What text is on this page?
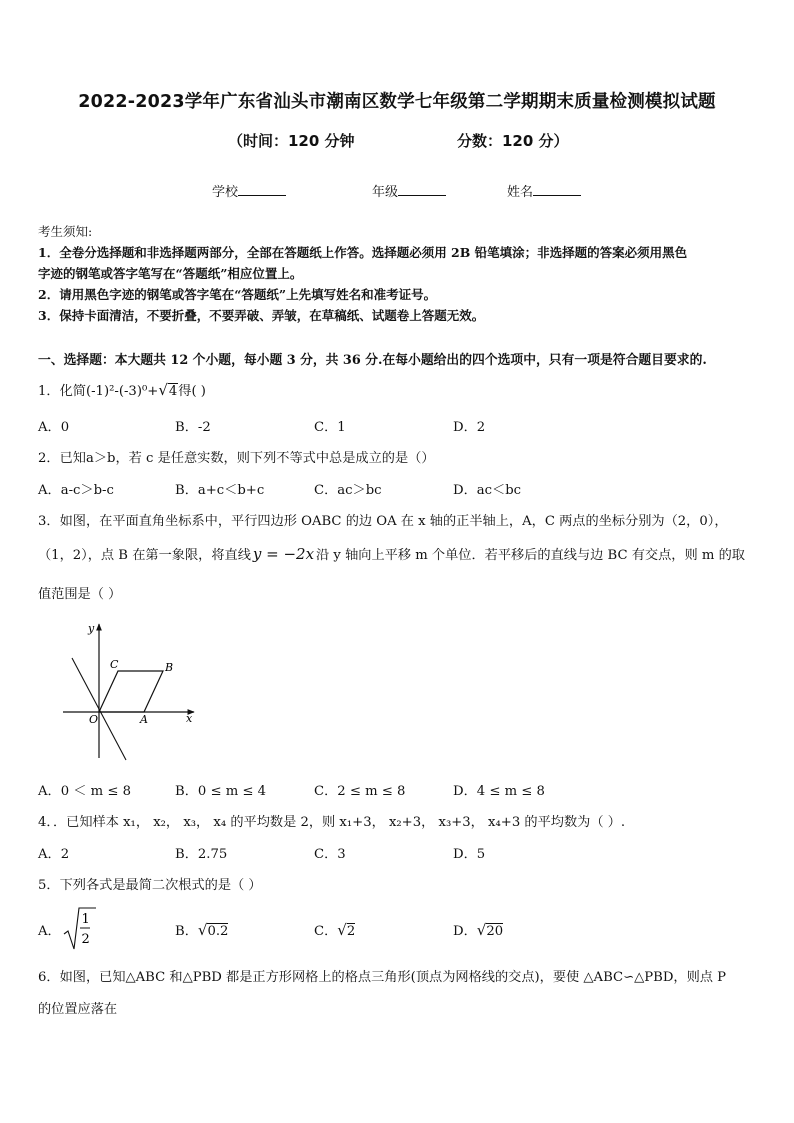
2022-2023学年广东省汕头市潮南区数学七年级第二学期期末质量检测模拟试题
（时间：120 分钟	分数：120 分）
学校	年级	姓名
考生须知:
1．全卷分选择题和非选择题两部分，全部在答题纸上作答。选择题必须用 2B 铅笔填涂；非选择题的答案必须用黑色
字迹的钢笔或答字笔写在“答题纸”相应位置上。
2．请用黑色字迹的钢笔或答字笔在“答题纸”上先填写姓名和准考证号。
3．保持卡面清洁，不要折叠，不要弄破、弄皱，在草稿纸、试题卷上答题无效。
一、选择题：本大题共 12 个小题，每小题 3 分，共 36 分.在每小题给出的四个选项中，只有一项是符合题目要求的.
1．化简(-1)²-(-3)⁰+√4得( )
A．0	B．-2	C．1	D．2
2．已知a＞b，若 c 是任意实数，则下列不等式中总是成立的是（）
A．a-c＞b-c	B．a+c＜b+c	C．ac＞bc	D．ac＜bc
3．如图，在平面直角坐标系中，平行四边形 OABC 的边 OA 在 x 轴的正半轴上，A，C 两点的坐标分别为（2，0），
（1，2），点 B 在第一象限，将直线 y = −2x 沿 y 轴向上平移 m 个单位．若平移后的直线与边 BC 有交点，则 m 的取
值范围是（ ）
y
x
O	A
B
C
A．0 ＜ m ≤ 8	B．0 ≤ m ≤ 4	C．2 ≤ m ≤ 8	D．4 ≤ m ≤ 8
4．．已知样本 x₁， x₂， x₃， x₄ 的平均数是 2，则 x₁+3， x₂+3， x₃+3， x₄+3 的平均数为（ ）.
A．2	B．2.75	C．3	D．5
5．下列各式是最简二次根式的是（ ）
A．
1
2
B．√0.2	C．√2	D．√20
6．如图，已知△ABC 和△PBD 都是正方形网格上的格点三角形(顶点为网格线的交点)，要使 △ABC∽△PBD，则点 P
的位置应落在
